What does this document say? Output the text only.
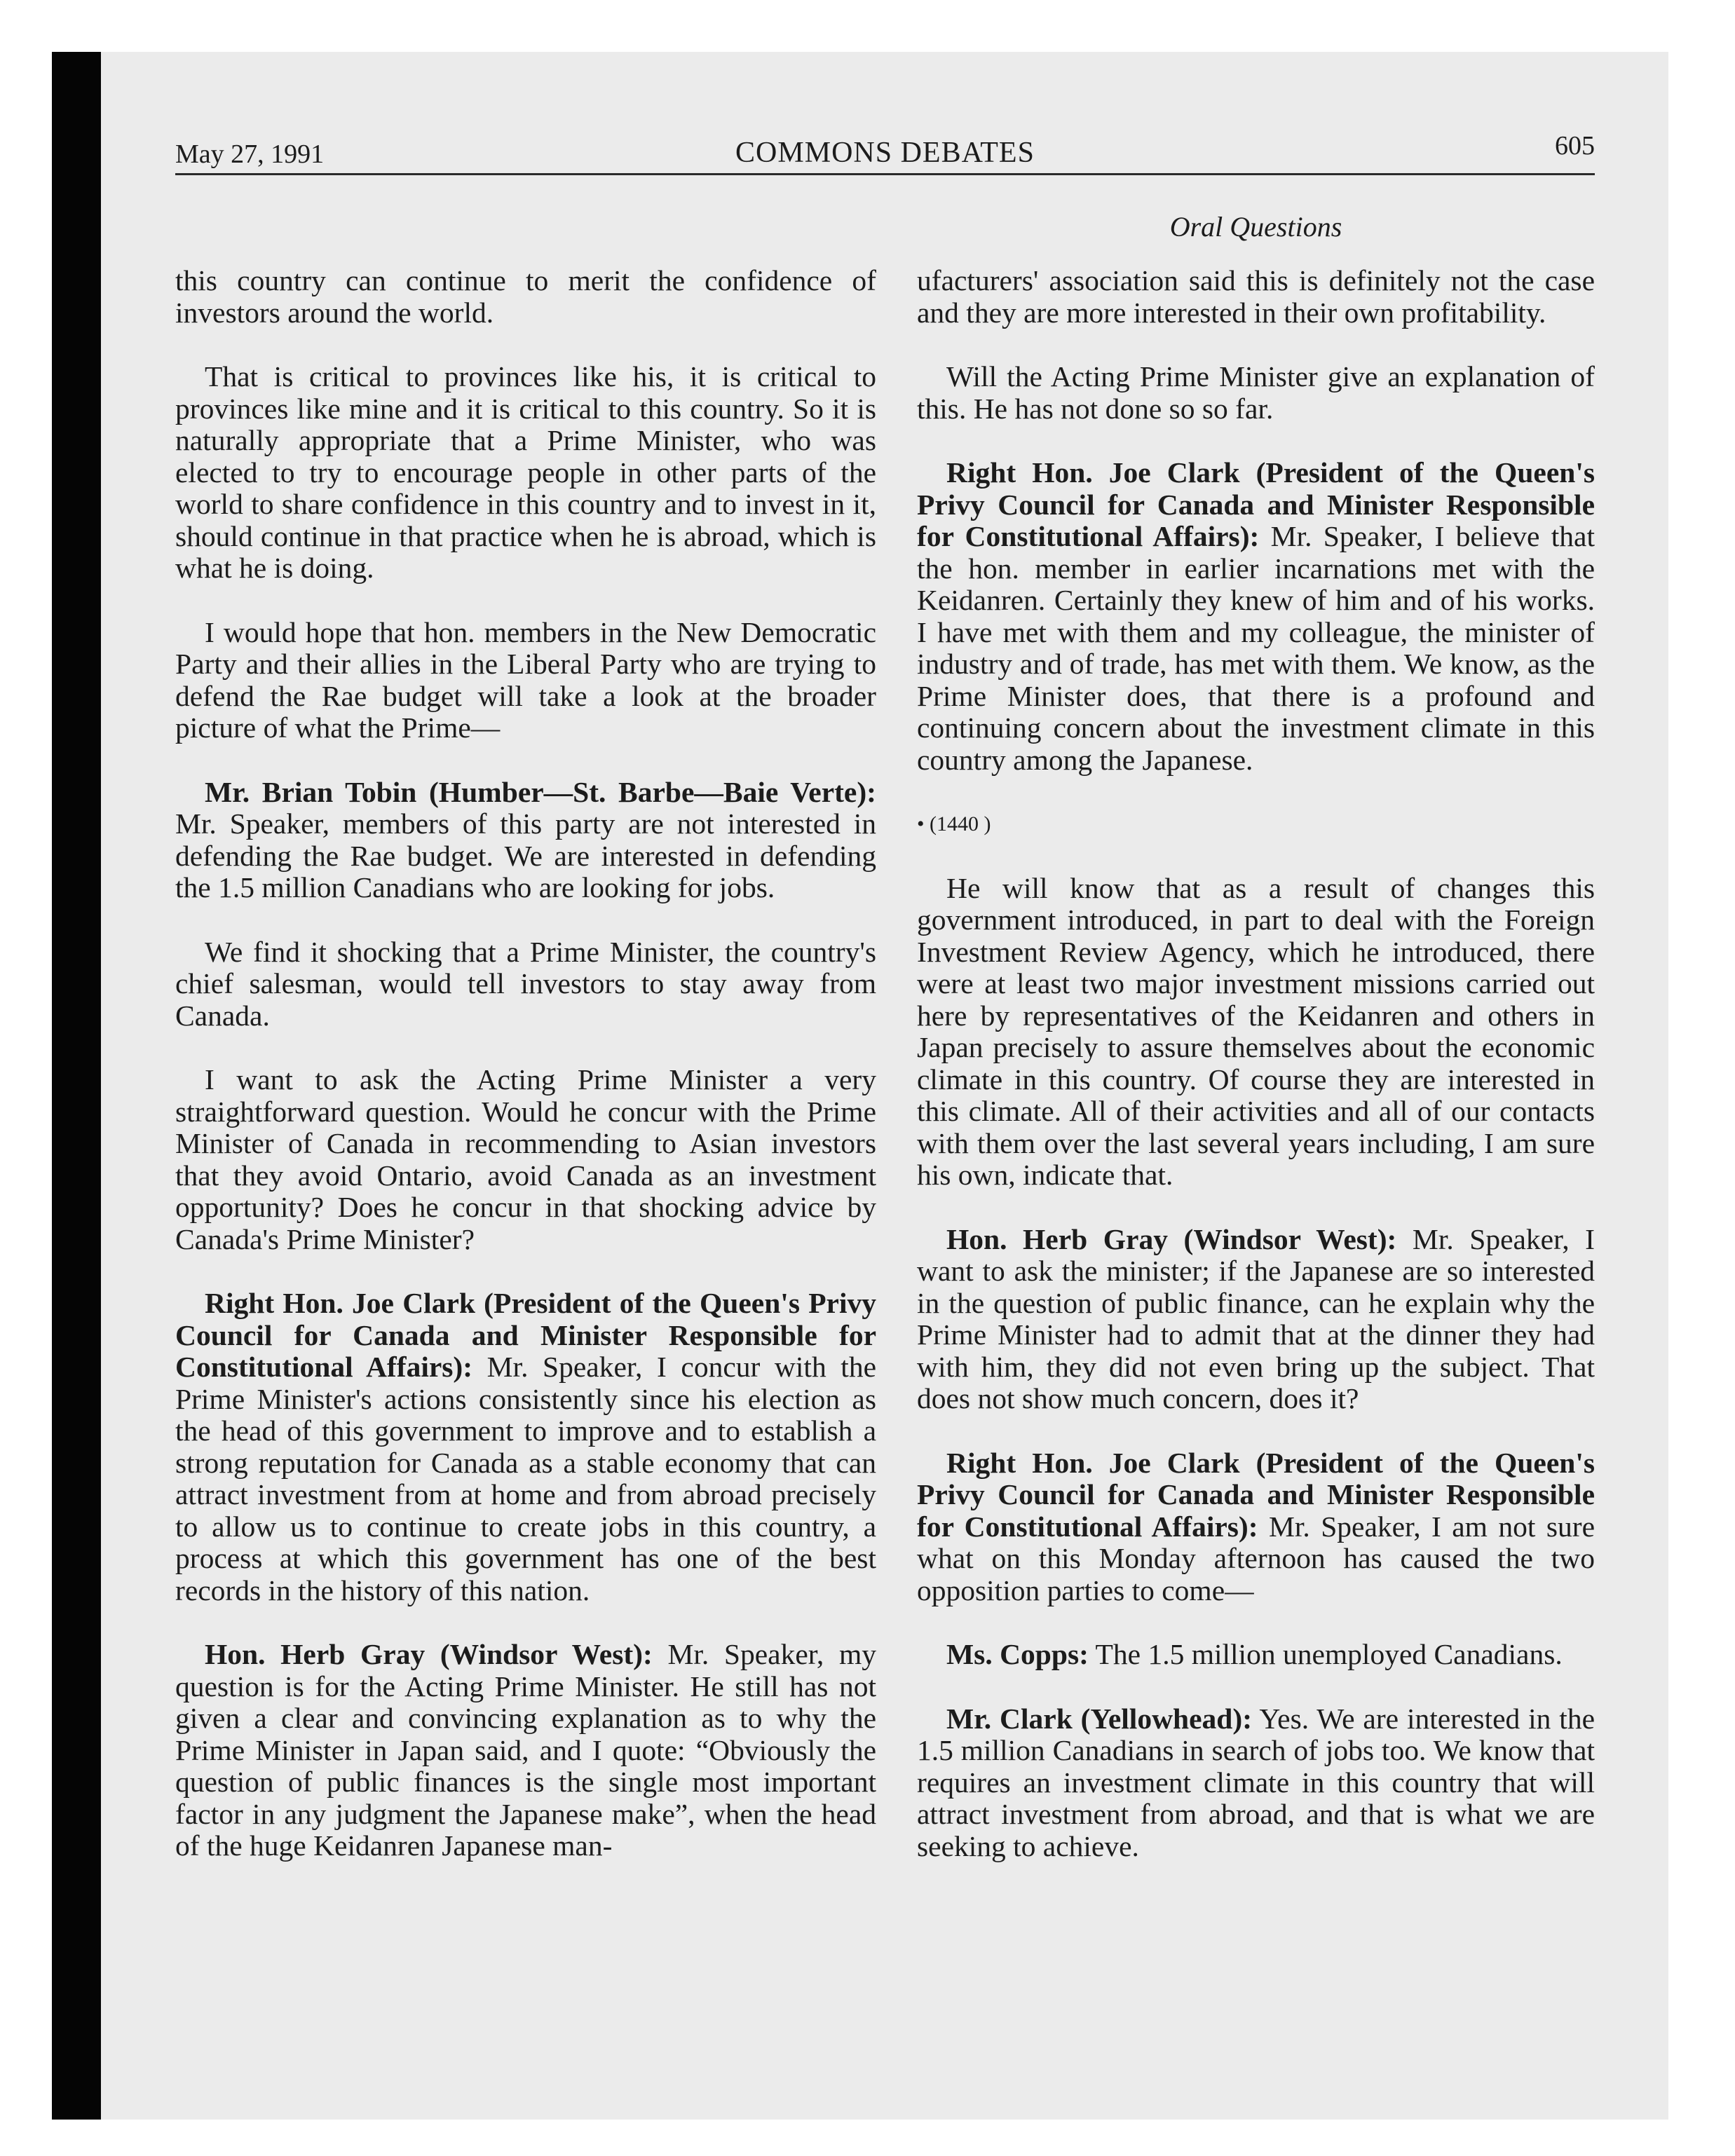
May 27, 1991	COMMONS DEBATES	605
Oral Questions

this country can continue to merit the confidence of investors around the world.

That is critical to provinces like his, it is critical to provinces like mine and it is critical to this country. So it is naturally appropriate that a Prime Minister, who was elected to try to encourage people in other parts of the world to share confidence in this country and to invest in it, should continue in that practice when he is abroad, which is what he is doing.

I would hope that hon. members in the New Democratic Party and their allies in the Liberal Party who are trying to defend the Rae budget will take a look at the broader picture of what the Prime—

Mr. Brian Tobin (Humber—St. Barbe—Baie Verte): Mr. Speaker, members of this party are not interested in defending the Rae budget. We are interested in defending the 1.5 million Canadians who are looking for jobs.

We find it shocking that a Prime Minister, the country's chief salesman, would tell investors to stay away from Canada.

I want to ask the Acting Prime Minister a very straightforward question. Would he concur with the Prime Minister of Canada in recommending to Asian investors that they avoid Ontario, avoid Canada as an investment opportunity? Does he concur in that shocking advice by Canada's Prime Minister?

Right Hon. Joe Clark (President of the Queen's Privy Council for Canada and Minister Responsible for Constitutional Affairs): Mr. Speaker, I concur with the Prime Minister's actions consistently since his election as the head of this government to improve and to establish a strong reputation for Canada as a stable economy that can attract investment from at home and from abroad precisely to allow us to continue to create jobs in this country, a process at which this government has one of the best records in the history of this nation.

Hon. Herb Gray (Windsor West): Mr. Speaker, my question is for the Acting Prime Minister. He still has not given a clear and convincing explanation as to why the Prime Minister in Japan said, and I quote: “Obviously the question of public finances is the single most important factor in any judgment the Japanese make”, when the head of the huge Keidanren Japanese man-

ufacturers' association said this is definitely not the case and they are more interested in their own profitability.

Will the Acting Prime Minister give an explanation of this. He has not done so so far.

Right Hon. Joe Clark (President of the Queen's Privy Council for Canada and Minister Responsible for Constitutional Affairs): Mr. Speaker, I believe that the hon. member in earlier incarnations met with the Keidanren. Certainly they knew of him and of his works. I have met with them and my colleague, the minister of industry and of trade, has met with them. We know, as the Prime Minister does, that there is a profound and continuing concern about the investment climate in this country among the Japanese.

• (1440 )

He will know that as a result of changes this government introduced, in part to deal with the Foreign Investment Review Agency, which he introduced, there were at least two major investment missions carried out here by representatives of the Keidanren and others in Japan precisely to assure themselves about the economic climate in this country. Of course they are interested in this climate. All of their activities and all of our contacts with them over the last several years including, I am sure his own, indicate that.

Hon. Herb Gray (Windsor West): Mr. Speaker, I want to ask the minister; if the Japanese are so interested in the question of public finance, can he explain why the Prime Minister had to admit that at the dinner they had with him, they did not even bring up the subject. That does not show much concern, does it?

Right Hon. Joe Clark (President of the Queen's Privy Council for Canada and Minister Responsible for Constitutional Affairs): Mr. Speaker, I am not sure what on this Monday afternoon has caused the two opposition parties to come—

Ms. Copps: The 1.5 million unemployed Canadians.

Mr. Clark (Yellowhead): Yes. We are interested in the 1.5 million Canadians in search of jobs too. We know that requires an investment climate in this country that will attract investment from abroad, and that is what we are seeking to achieve.
